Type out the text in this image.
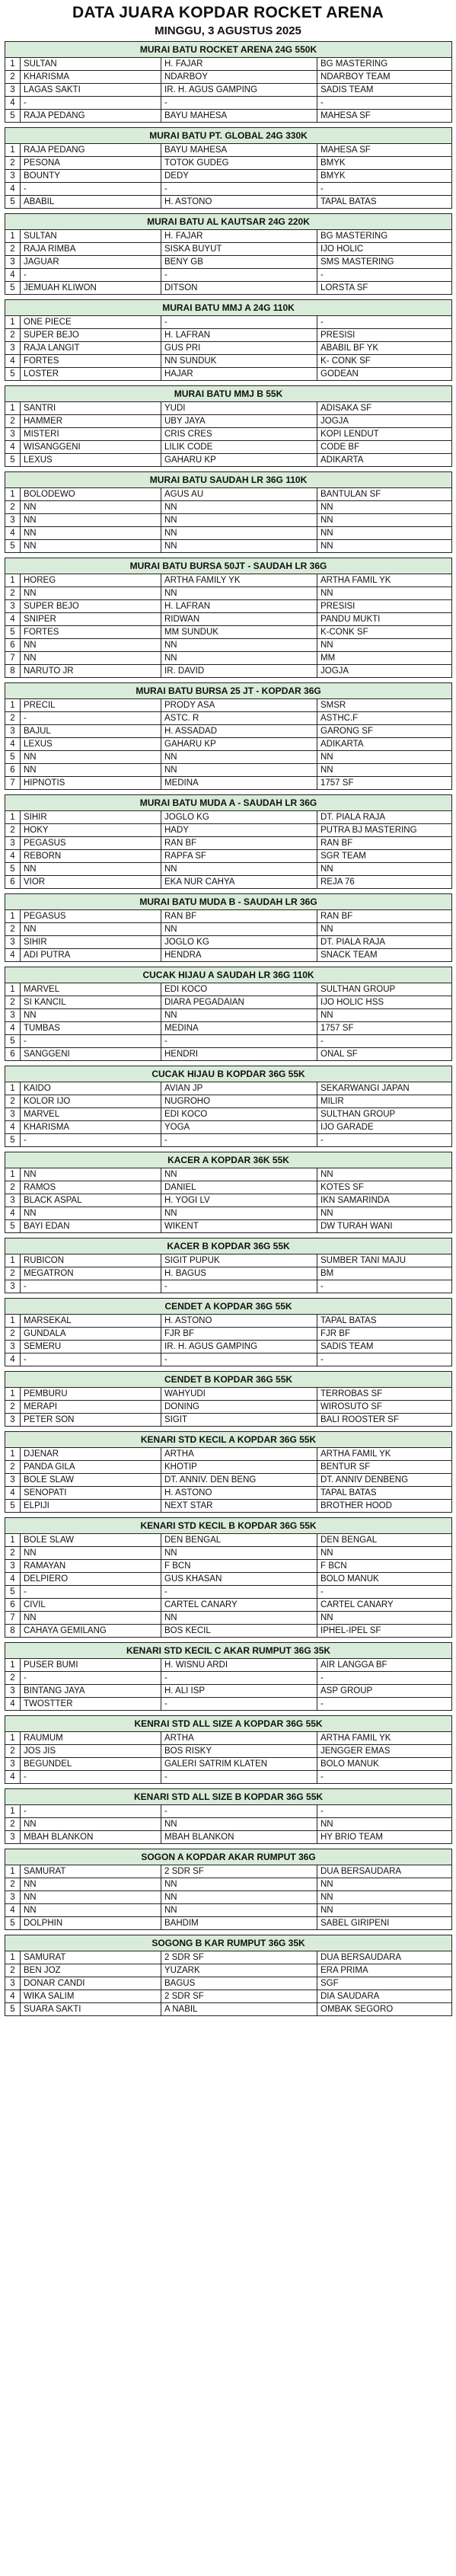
DATA JUARA KOPDAR ROCKET ARENA
MINGGU, 3 AGUSTUS 2025
MURAI BATU ROCKET ARENA 24G 550K			
1	SULTAN	H. FAJAR	BG MASTERING
2	KHARISMA	NDARBOY	NDARBOY TEAM
3	LAGAS SAKTI	IR. H. AGUS GAMPING	SADIS TEAM
4	-	-	-
5	RAJA PEDANG	BAYU MAHESA	MAHESA SF
MURAI BATU PT. GLOBAL 24G 330K			
1	RAJA PEDANG	BAYU MAHESA	MAHESA SF
2	PESONA	TOTOK GUDEG	BMYK
3	BOUNTY	DEDY	BMYK
4	-	-	-
5	ABABIL	H. ASTONO	TAPAL BATAS
MURAI BATU AL KAUTSAR 24G 220K			
1	SULTAN	H. FAJAR	BG MASTERING
2	RAJA RIMBA	SISKA BUYUT	IJO HOLIC
3	JAGUAR	BENY GB	SMS MASTERING
4	-	-	-
5	JEMUAH KLIWON	DITSON	LORSTA SF
MURAI BATU MMJ A 24G 110K			
1	ONE PIECE	-	-
2	SUPER BEJO	H. LAFRAN	PRESISI
3	RAJA LANGIT	GUS PRI	ABABIL BF YK
4	FORTES	NN SUNDUK	K- CONK SF
5	LOSTER	HAJAR	GODEAN
MURAI BATU MMJ B 55K			
1	SANTRI	YUDI	ADISAKA SF
2	HAMMER	UBY JAYA	JOGJA
3	MISTERI	CRIS CRES	KOPI LENDUT
4	WISANGGENI	LILIK CODE	CODE BF
5	LEXUS	GAHARU KP	ADIKARTA
MURAI BATU SAUDAH LR 36G 110K			
1	BOLODEWO	AGUS AU	BANTULAN SF
2	NN	NN	NN
3	NN	NN	NN
4	NN	NN	NN
5	NN	NN	NN
MURAI BATU BURSA 50JT - SAUDAH LR 36G			
1	HOREG	ARTHA FAMILY YK	ARTHA FAMIL YK
2	NN	NN	NN
3	SUPER BEJO	H. LAFRAN	PRESISI
4	SNIPER	RIDWAN	PANDU MUKTI
5	FORTES	MM SUNDUK	K-CONK SF
6	NN	NN	NN
7	NN	NN	MM
8	NARUTO JR	IR. DAVID	JOGJA
MURAI BATU BURSA 25 JT - KOPDAR 36G			
1	PRECIL	PRODY ASA	SMSR
2	-	ASTC. R	ASTHC.F
3	BAJUL	H. ASSADAD	GARONG SF
4	LEXUS	GAHARU KP	ADIKARTA
5	NN	NN	NN
6	NN	NN	NN
7	HIPNOTIS	MEDINA	1757 SF
MURAI BATU MUDA A - SAUDAH LR 36G			
1	SIHIR	JOGLO KG	DT. PIALA RAJA
2	HOKY	HADY	PUTRA BJ MASTERING
3	PEGASUS	RAN BF	RAN BF
4	REBORN	RAPFA SF	SGR TEAM
5	NN	NN	NN
6	VIOR	EKA NUR CAHYA	REJA 76
MURAI BATU MUDA B - SAUDAH LR 36G			
1	PEGASUS	RAN BF	RAN BF
2	NN	NN	NN
3	SIHIR	JOGLO KG	DT. PIALA RAJA
4	ADI PUTRA	HENDRA	SNACK TEAM
CUCAK HIJAU A SAUDAH LR 36G 110K			
1	MARVEL	EDI KOCO	SULTHAN GROUP
2	SI KANCIL	DIARA PEGADAIAN	IJO HOLIC HSS
3	NN	NN	NN
4	TUMBAS	MEDINA	1757 SF
5	-	-	-
6	SANGGENI	HENDRI	ONAL SF
CUCAK HIJAU B KOPDAR 36G 55K			
1	KAIDO	AVIAN JP	SEKARWANGI JAPAN
2	KOLOR IJO	NUGROHO	MILIR
3	MARVEL	EDI KOCO	SULTHAN GROUP
4	KHARISMA	YOGA	IJO GARADE
5	-	-	-
KACER A KOPDAR 36K 55K			
1	NN	NN	NN
2	RAMOS	DANIEL	KOTES SF
3	BLACK ASPAL	H. YOGI LV	IKN SAMARINDA
4	NN	NN	NN
5	BAYI EDAN	WIKENT	DW TURAH WANI
KACER B KOPDAR 36G 55K			
1	RUBICON	SIGIT PUPUK	SUMBER TANI MAJU
2	MEGATRON	H. BAGUS	BM
3	-	-	-
CENDET A KOPDAR 36G 55K			
1	MARSEKAL	H. ASTONO	TAPAL BATAS
2	GUNDALA	FJR BF	FJR BF
3	SEMERU	IR. H. AGUS GAMPING	SADIS TEAM
4	-	-	-
CENDET B KOPDAR 36G 55K			
1	PEMBURU	WAHYUDI	TERROBAS SF
2	MERAPI	DONING	WIROSUTO SF
3	PETER SON	SIGIT	BALI ROOSTER SF
KENARI STD KECIL A KOPDAR 36G 55K			
1	DJENAR	ARTHA	ARTHA FAMIL YK
2	PANDA GILA	KHOTIP	BENTUR SF
3	BOLE SLAW	DT. ANNIV. DEN BENG	DT. ANNIV DENBENG
4	SENOPATI	H. ASTONO	TAPAL BATAS
5	ELPIJI	NEXT STAR	BROTHER HOOD
KENARI STD KECIL B KOPDAR 36G 55K			
1	BOLE SLAW	DEN BENGAL	DEN BENGAL
2	NN	NN	NN
3	RAMAYAN	F BCN	F BCN
4	DELPIERO	GUS KHASAN	BOLO MANUK
5	-	-	-
6	CIVIL	CARTEL CANARY	CARTEL CANARY
7	NN	NN	NN
8	CAHAYA GEMILANG	BOS KECIL	IPHEL-IPEL SF
KENARI STD KECIL C AKAR RUMPUT 36G 35K			
1	PUSER BUMI	H. WISNU ARDI	AIR LANGGA BF
2	-	-	-
3	BINTANG JAYA	H. ALI ISP	ASP GROUP
4	TWOSTTER	-	-
KENRAI STD ALL SIZE A KOPDAR 36G 55K			
1	RAUMUM	ARTHA	ARTHA FAMIL YK
2	JOS JIS	BOS RISKY	JENGGER EMAS
3	BEGUNDEL	GALERI SATRIM KLATEN	BOLO MANUK
4	-	-	-
KENARI STD ALL SIZE B KOPDAR 36G 55K			
1	-	-	-
2	NN	NN	NN
3	MBAH BLANKON	MBAH BLANKON	HY BRIO TEAM
SOGON A KOPDAR AKAR RUMPUT 36G			
1	SAMURAT	2 SDR SF	DUA BERSAUDARA
2	NN	NN	NN
3	NN	NN	NN
4	NN	NN	NN
5	DOLPHIN	BAHDIM	SABEL GIRIPENI
SOGONG B KAR RUMPUT 36G 35K			
1	SAMURAT	2 SDR SF	DUA BERSAUDARA
2	BEN JOZ	YUZARK	ERA PRIMA
3	DONAR CANDI	BAGUS	SGF
4	WIKA SALIM	2 SDR SF	DIA SAUDARA
5	SUARA SAKTI	A NABIL	OMBAK SEGORO
